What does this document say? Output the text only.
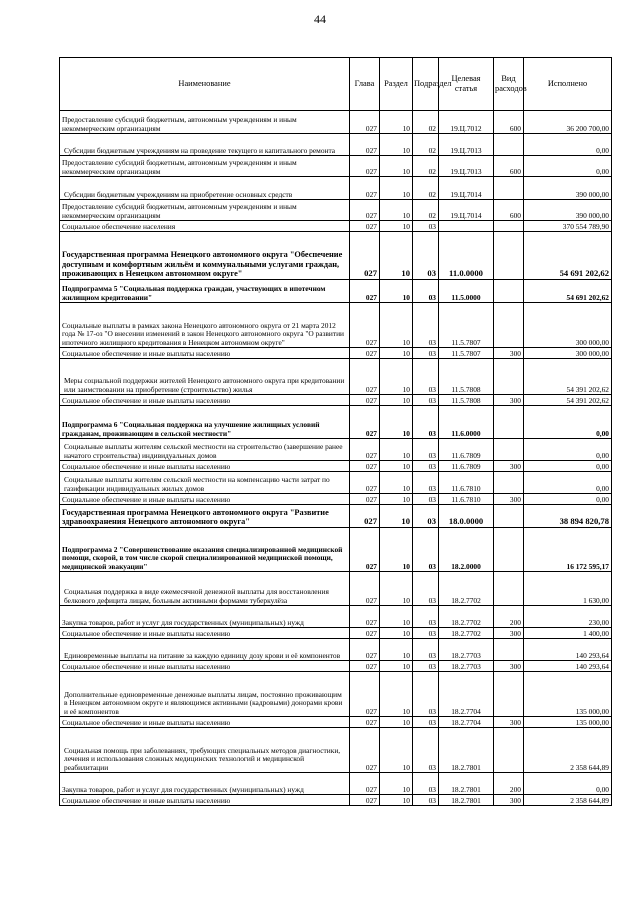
44
Наименование	Глава	Раздел	Подраздел	Целевая статья	Вид расходов	Исполнено
Предоставление субсидий бюджетным, автономным учреждениям и иным некоммерческим организациям	027	10	02	19.Ц.7012	600	36 200 700,00
Субсидии бюджетным учреждениям на проведение текущего и капитального ремонта	027	10	02	19.Ц.7013		0,00
Предоставление субсидий бюджетным, автономным учреждениям и иным некоммерческим организациям	027	10	02	19.Ц.7013	600	0,00
Субсидии бюджетным учреждениям на приобретение основных средств	027	10	02	19.Ц.7014		390 000,00
Предоставление субсидий бюджетным, автономным учреждениям и иным некоммерческим организациям	027	10	02	19.Ц.7014	600	390 000,00
Социальное обеспечение населения	027	10	03			370 554 789,90
Государственная программа Ненецкого автономного округа "Обеспечение доступным и комфортным жильём и коммунальными услугами граждан, проживающих в Ненецком автономном округе"	027	10	03	11.0.0000		54 691 202,62
Подпрограмма 5 "Социальная поддержка граждан, участвующих в ипотечном жилищном кредитовании"	027	10	03	11.5.0000		54 691 202,62
Социальные выплаты в рамках закона Ненецкого автономного округа от 21 марта 2012 года № 17-оз "О внесении изменений в закон Ненецкого автономного округа "О развитии ипотечного жилищного кредитования в Ненецком автономном округе"	027	10	03	11.5.7807		300 000,00
Социальное обеспечение и иные выплаты населению	027	10	03	11.5.7807	300	300 000,00
Меры социальной поддержки жителей Ненецкого автономного округа при кредитовании или заимствовании на приобретение (строительство) жилья	027	10	03	11.5.7808		54 391 202,62
Социальное обеспечение и иные выплаты населению	027	10	03	11.5.7808	300	54 391 202,62
Подпрограмма 6 "Социальная поддержка на улучшение жилищных условий гражданам, проживающим в сельской местности"	027	10	03	11.6.0000		0,00
Социальные выплаты жителям сельской местности на строительство (завершение ранее начатого строительства) индивидуальных домов	027	10	03	11.6.7809		0,00
Социальное обеспечение и иные выплаты населению	027	10	03	11.6.7809	300	0,00
Социальные выплаты жителям сельской местности на компенсацию части затрат по газификации индивидуальных жилых домов	027	10	03	11.6.7810		0,00
Социальное обеспечение и иные выплаты населению	027	10	03	11.6.7810	300	0,00
Государственная программа Ненецкого автономного округа "Развитие здравоохранения Ненецкого автономного округа"	027	10	03	18.0.0000		38 894 820,78
Подпрограмма 2 "Совершенствование оказания специализированной медицинской помощи, скорой, в том числе скорой специализированной медицинской помощи, медицинской эвакуации"	027	10	03	18.2.0000		16 172 595,17
Социальная поддержка в виде ежемесячной денежной выплаты для восстановления белкового дефицита лицам, больным активными формами туберкулёза	027	10	03	18.2.7702		1 630,00
Закупка товаров, работ и услуг для государственных (муниципальных) нужд	027	10	03	18.2.7702	200	230,00
Социальное обеспечение и иные выплаты населению	027	10	03	18.2.7702	300	1 400,00
Единовременные выплаты на питание за каждую единицу дозу крови и её компонентов	027	10	03	18.2.7703		140 293,64
Социальное обеспечение и иные выплаты населению	027	10	03	18.2.7703	300	140 293,64
Дополнительные единовременные денежные выплаты лицам, постоянно проживающим в Ненецком автономном округе и являющимся активными (кадровыми) донорами крови и её компонентов	027	10	03	18.2.7704		135 000,00
Социальное обеспечение и иные выплаты населению	027	10	03	18.2.7704	300	135 000,00
Социальная помощь при заболеваниях, требующих специальных методов диагностики, лечения и использования сложных медицинских технологий и медицинской реабилитации	027	10	03	18.2.7801		2 358 644,89
Закупка товаров, работ и услуг для государственных (муниципальных) нужд	027	10	03	18.2.7801	200	0,00
Социальное обеспечение и иные выплаты населению	027	10	03	18.2.7801	300	2 358 644,89
